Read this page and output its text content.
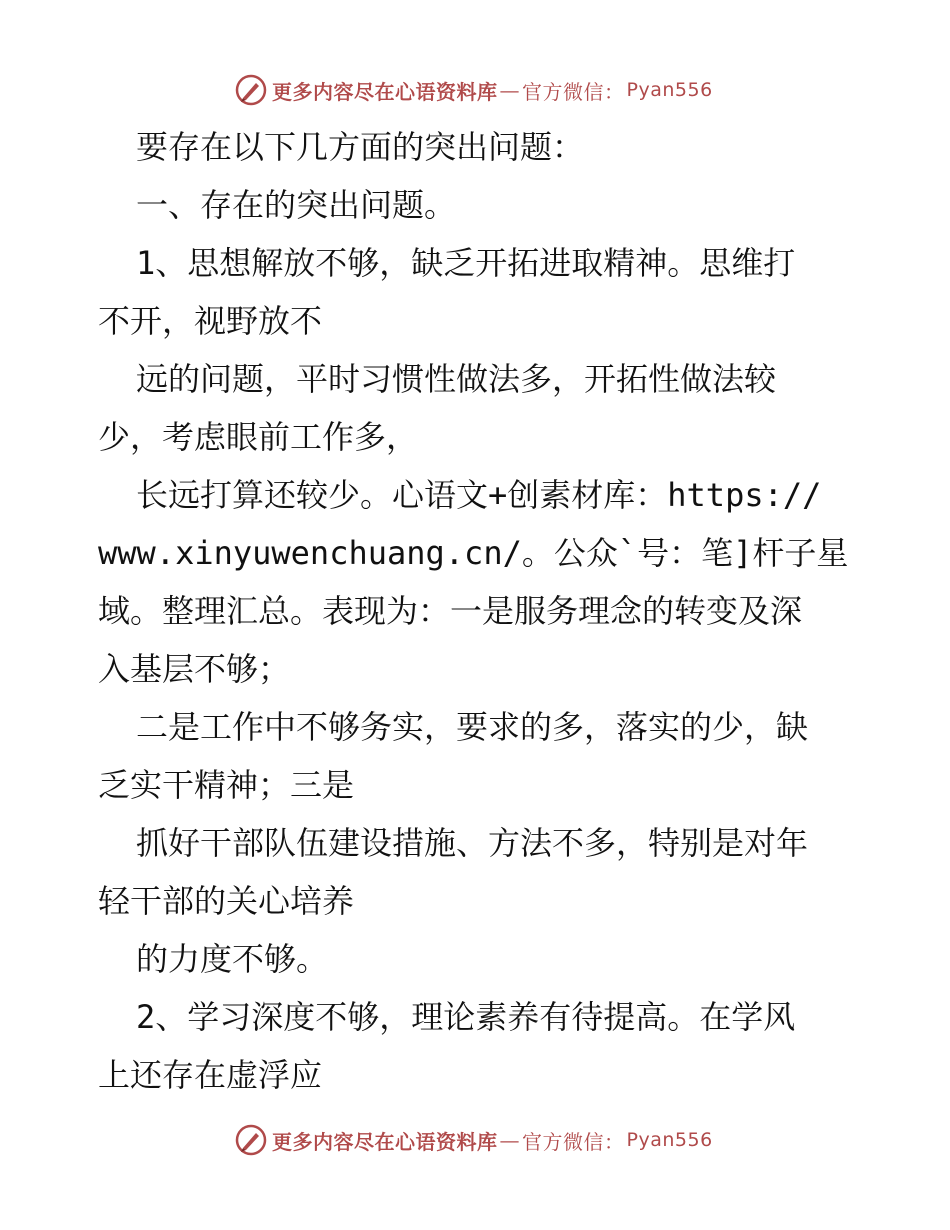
更多内容尽在心语资料库 — 官方微信： Pyan556
要存在以下几方面的突出问题：
一、存在的突出问题。
1、思想解放不够，缺乏开拓进取精神。思维打
不开，视野放不
远的问题，平时习惯性做法多，开拓性做法较
少，考虑眼前工作多，
长远打算还较少。心语文+创素材库：https://
www.xinyuwenchuang.cn/。公众`号：笔]杆子星
域。整理汇总。表现为：一是服务理念的转变及深
入基层不够；
二是工作中不够务实，要求的多，落实的少，缺
乏实干精神；三是
抓好干部队伍建设措施、方法不多，特别是对年
轻干部的关心培养
的力度不够。
2、学习深度不够，理论素养有待提高。在学风
上还存在虚浮应
更多内容尽在心语资料库 — 官方微信： Pyan556
